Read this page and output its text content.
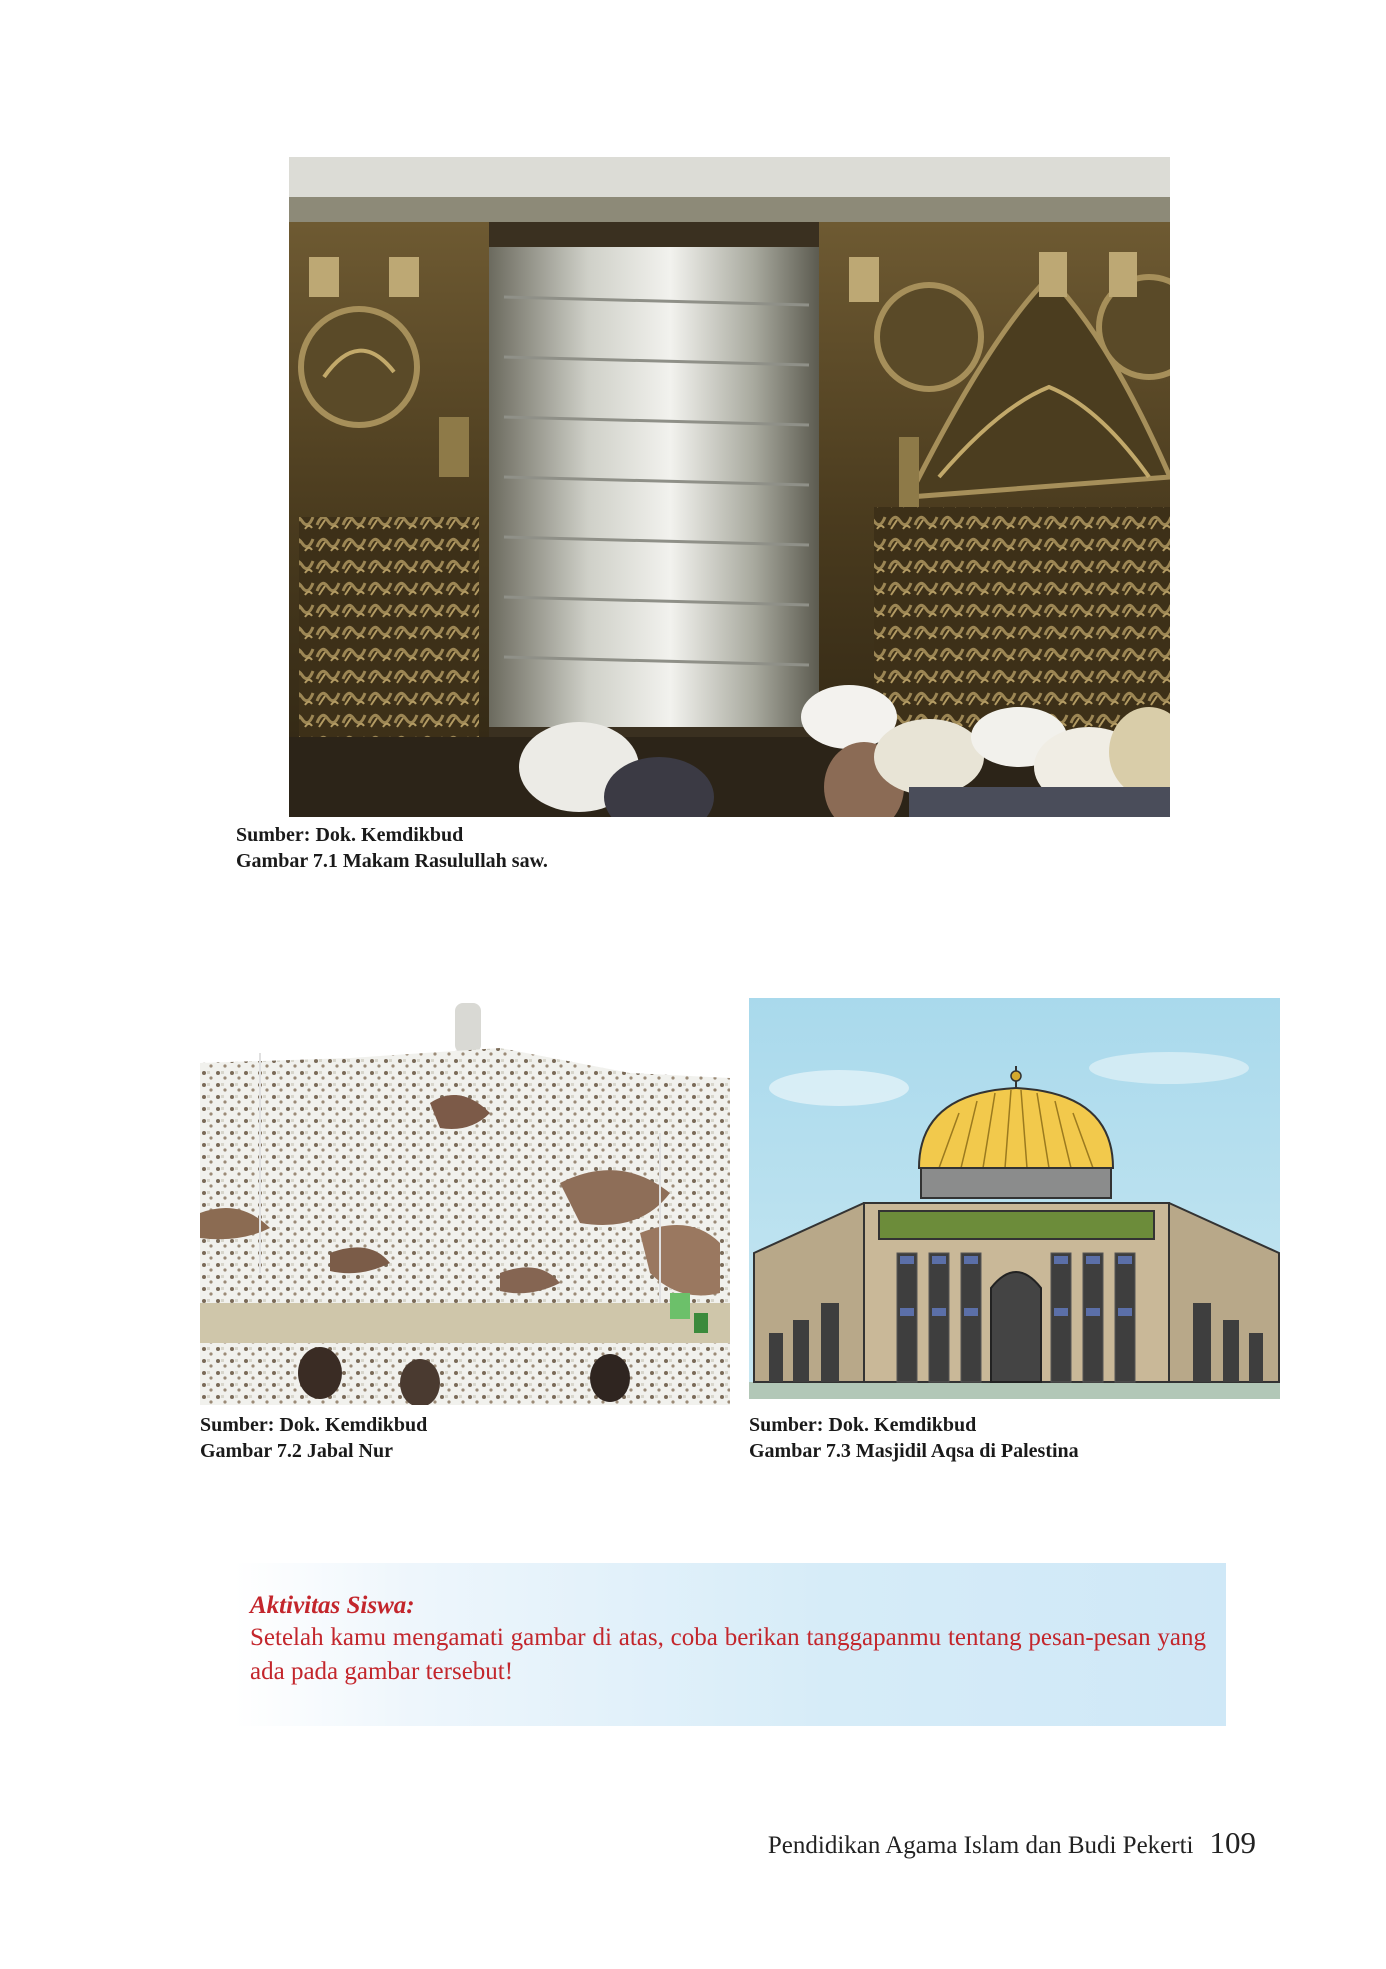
Sumber: Dok. Kemdikbud
Gambar 7.1 Makam Rasulullah saw.
Sumber: Dok. Kemdikbud
Gambar 7.2 Jabal Nur
Sumber: Dok. Kemdikbud
Gambar 7.3 Masjidil Aqsa di Palestina
Aktivitas Siswa:
Setelah kamu mengamati gambar di atas, coba berikan tanggapanmu tentang pesan-pesan yang ada pada gambar tersebut!
Pendidikan Agama Islam dan Budi Pekerti 109
